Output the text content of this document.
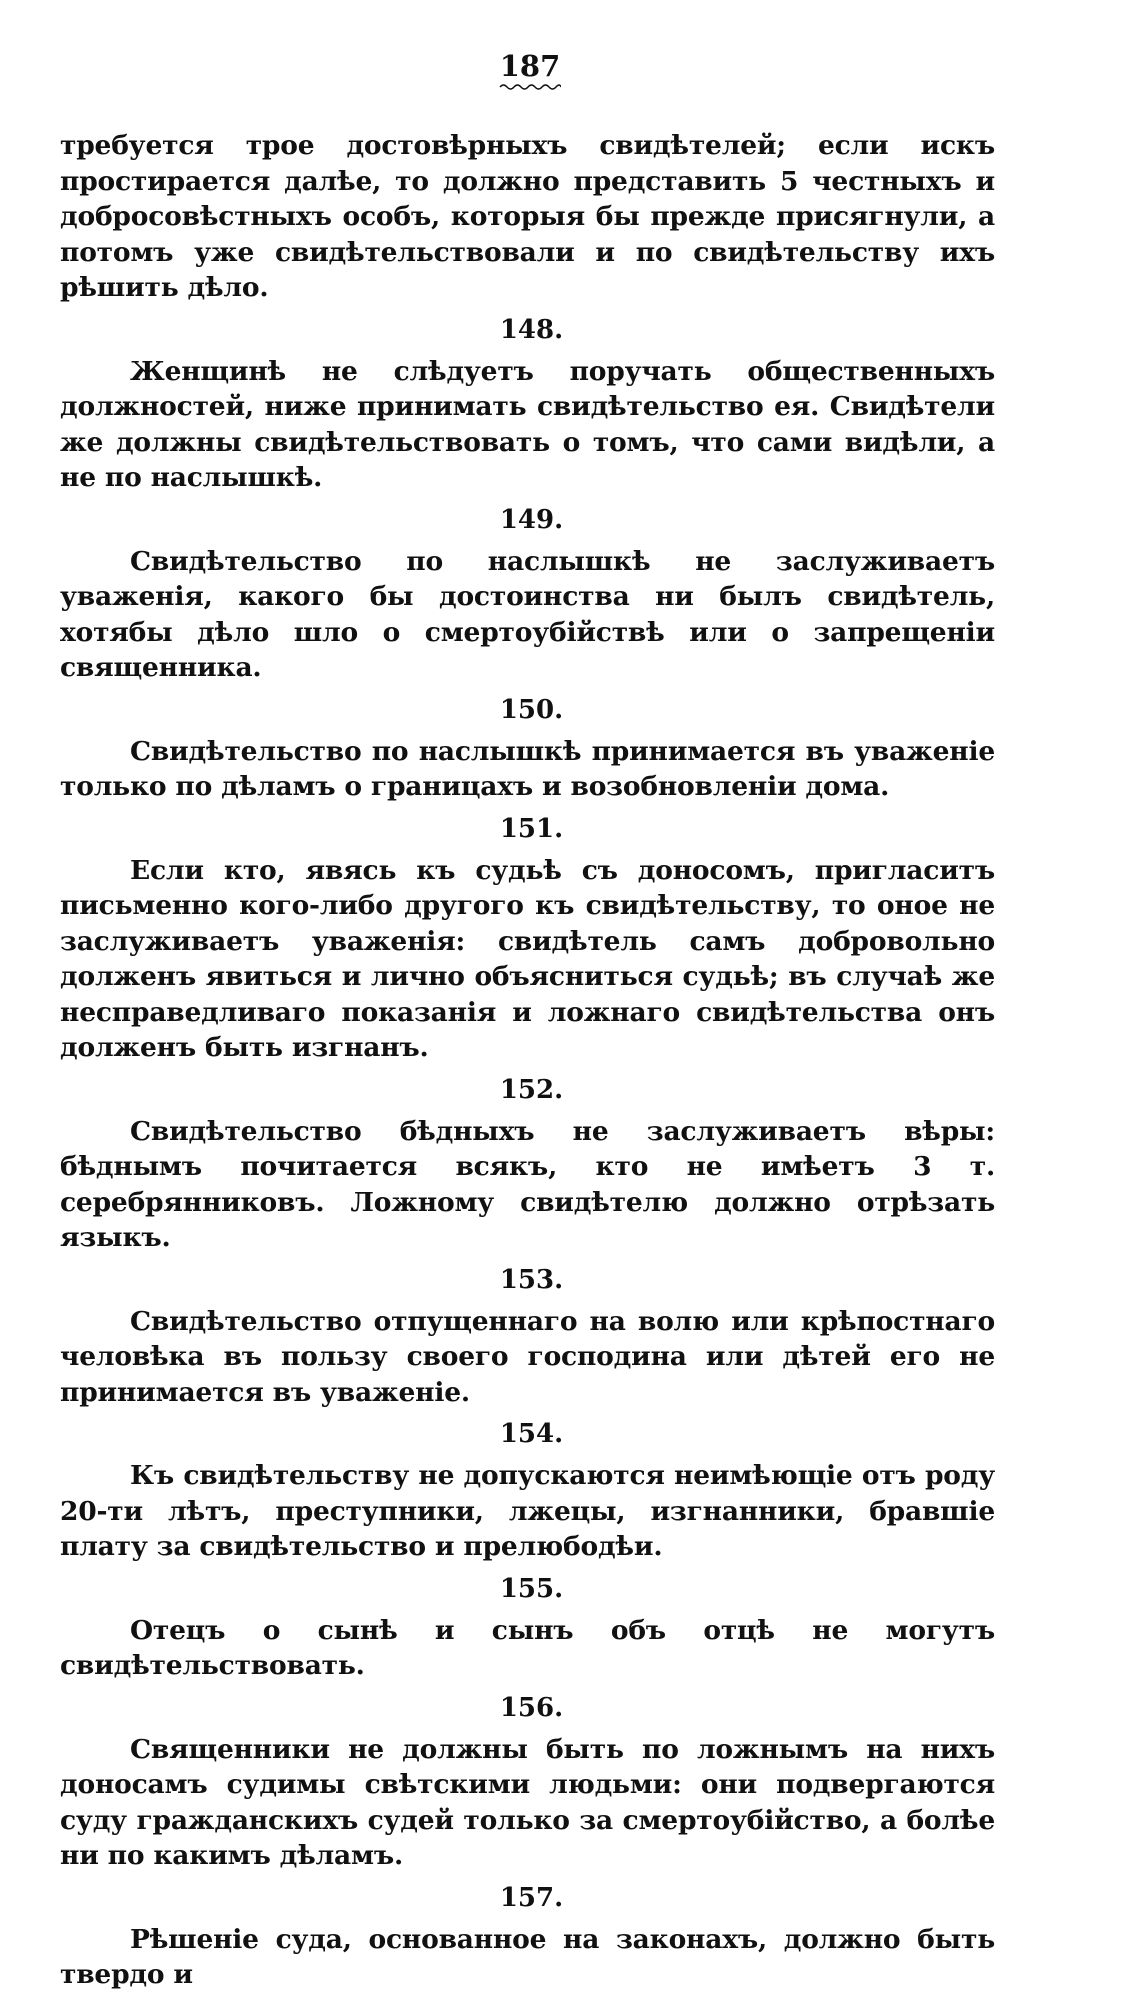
187

требуется трое достовѣрныхъ свидѣтелей; если искъ простирается далѣе, то должно представить 5 честныхъ и добросовѣстныхъ особъ, которыя бы прежде присягнули, а потомъ уже свидѣтельствовали и по свидѣтельству ихъ рѣшить дѣло.

148.

Женщинѣ не слѣдуетъ поручать общественныхъ должностей, ниже принимать свидѣтельство ея. Свидѣтели же должны свидѣтельствовать о томъ, что сами видѣли, а не по наслышкѣ.

149.

Свидѣтельство по наслышкѣ не заслуживаетъ уваженія, какого бы достоинства ни былъ свидѣтель, хотябы дѣло шло о смертоубійствѣ или о запрещеніи священника.

150.

Свидѣтельство по наслышкѣ принимается въ уваженіе только по дѣламъ о границахъ и возобновленіи дома.

151.

Если кто, явясь къ судьѣ съ доносомъ, пригласитъ письменно кого-либо другого къ свидѣтельству, то оное не заслуживаетъ уваженія: свидѣтель самъ добровольно долженъ явиться и лично объясниться судьѣ; въ случаѣ же несправедливаго показанія и ложнаго свидѣтельства онъ долженъ быть изгнанъ.

152.

Свидѣтельство бѣдныхъ не заслуживаетъ вѣры: бѣднымъ почитается всякъ, кто не имѣетъ 3 т. серебрянниковъ. Ложному свидѣтелю должно отрѣзать языкъ.

153.

Свидѣтельство отпущеннаго на волю или крѣпостнаго человѣка въ пользу своего господина или дѣтей его не принимается въ уваженіе.

154.

Къ свидѣтельству не допускаются неимѣющіе отъ роду 20-ти лѣтъ, преступники, лжецы, изгнанники, бравшіе плату за свидѣтельство и прелюбодѣи.

155.

Отецъ о сынѣ и сынъ объ отцѣ не могутъ свидѣтельствовать.

156.

Священники не должны быть по ложнымъ на нихъ доносамъ судимы свѣтскими людьми: они подвергаются суду гражданскихъ судей только за смертоубійство, а болѣе ни по какимъ дѣламъ.

157.

Рѣшеніе суда, основанное на законахъ, должно быть твердо и
